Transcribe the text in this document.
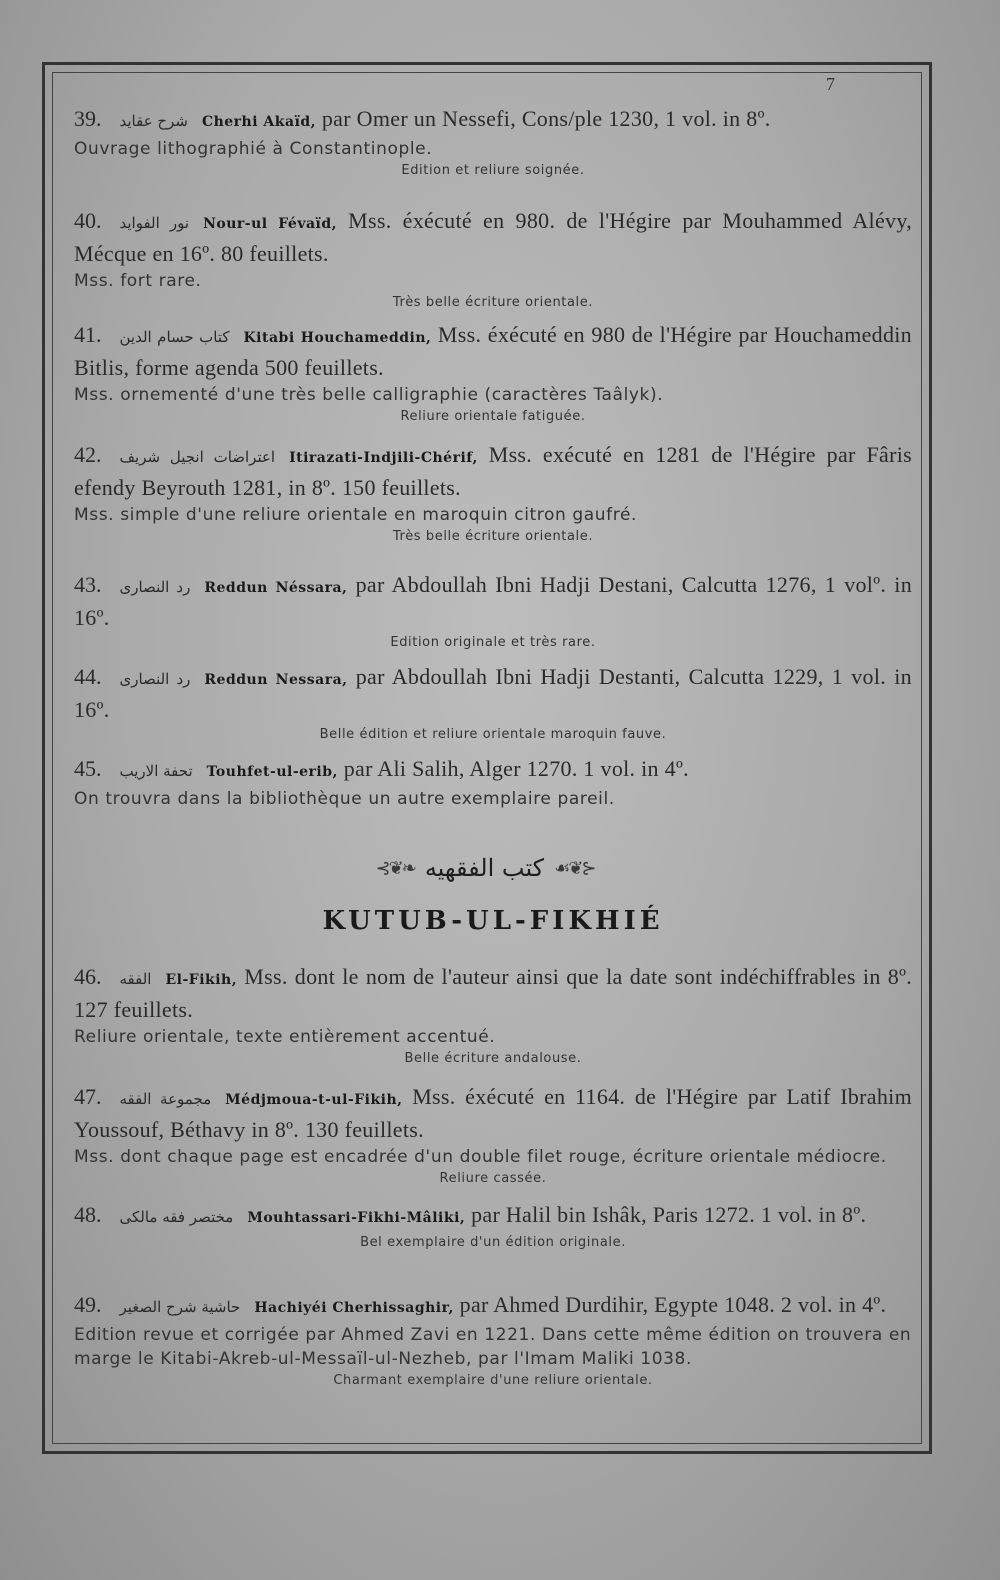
7
39. شرح عقايد Cherhi Akaïd, par Omer un Nessefi, Cons/ple 1230, 1 vol. in 8º.
Ouvrage lithographié à Constantinople.
Edition et reliure soignée.
40. نور الفوايد Nour-ul Févaïd, Mss. éxécuté en 980. de l'Hégire par Mouhammed Alévy, Mécque en 16º. 80 feuillets.
Mss. fort rare.
Très belle écriture orientale.
41. كتاب حسام الدين Kitabi Houchameddin, Mss. éxécuté en 980 de l'Hégire par Houchameddin Bitlis, forme agenda 500 feuillets.
Mss. ornementé d'une très belle calligraphie (caractères Taâlyk).
Reliure orientale fatiguée.
42. اعتراضات انجيل شريف Itirazati-Indjili-Chérif, Mss. exécuté en 1281 de l'Hégire par Fâris efendy Beyrouth 1281, in 8º. 150 feuillets.
Mss. simple d'une reliure orientale en maroquin citron gaufré.
Très belle écriture orientale.
43. رد النصارى Reddun Néssara, par Abdoullah Ibni Hadji Destani, Calcutta 1276, 1 volº. in 16º.
Edition originale et très rare.
44. رد النصارى Reddun Nessara, par Abdoullah Ibni Hadji Destanti, Calcutta 1229, 1 vol. in 16º.
Belle édition et reliure orientale maroquin fauve.
45. تحفة الاريب Touhfet-ul-erib, par Ali Salih, Alger 1270. 1 vol. in 4º.
On trouvra dans la bibliothèque un autre exemplaire pareil.
⊰❦❧ كتب الفقهيه ☙❦⊱
KUTUB-UL-FIKHIÉ
46. الفقه El-Fikih, Mss. dont le nom de l'auteur ainsi que la date sont indéchiffrables in 8º. 127 feuillets.
Reliure orientale, texte entièrement accentué.
Belle écriture andalouse.
47. مجموعة الفقه Médjmoua-t-ul-Fikih, Mss. éxécuté en 1164. de l'Hégire par Latif Ibrahim Youssouf, Béthavy in 8º. 130 feuillets.
Mss. dont chaque page est encadrée d'un double filet rouge, écriture orientale médiocre.
Reliure cassée.
48. مختصر فقه مالكى Mouhtassari-Fikhi-Mâliki, par Halil bin Ishâk, Paris 1272. 1 vol. in 8º.
Bel exemplaire d'un édition originale.
49. حاشية شرح الصغير Hachiyéi Cherhissaghir, par Ahmed Durdihir, Egypte 1048. 2 vol. in 4º.
Edition revue et corrigée par Ahmed Zavi en 1221. Dans cette même édition on trouvera en marge le Kitabi-Akreb-ul-Messaïl-ul-Nezheb, par l'Imam Maliki 1038.
Charmant exemplaire d'une reliure orientale.
